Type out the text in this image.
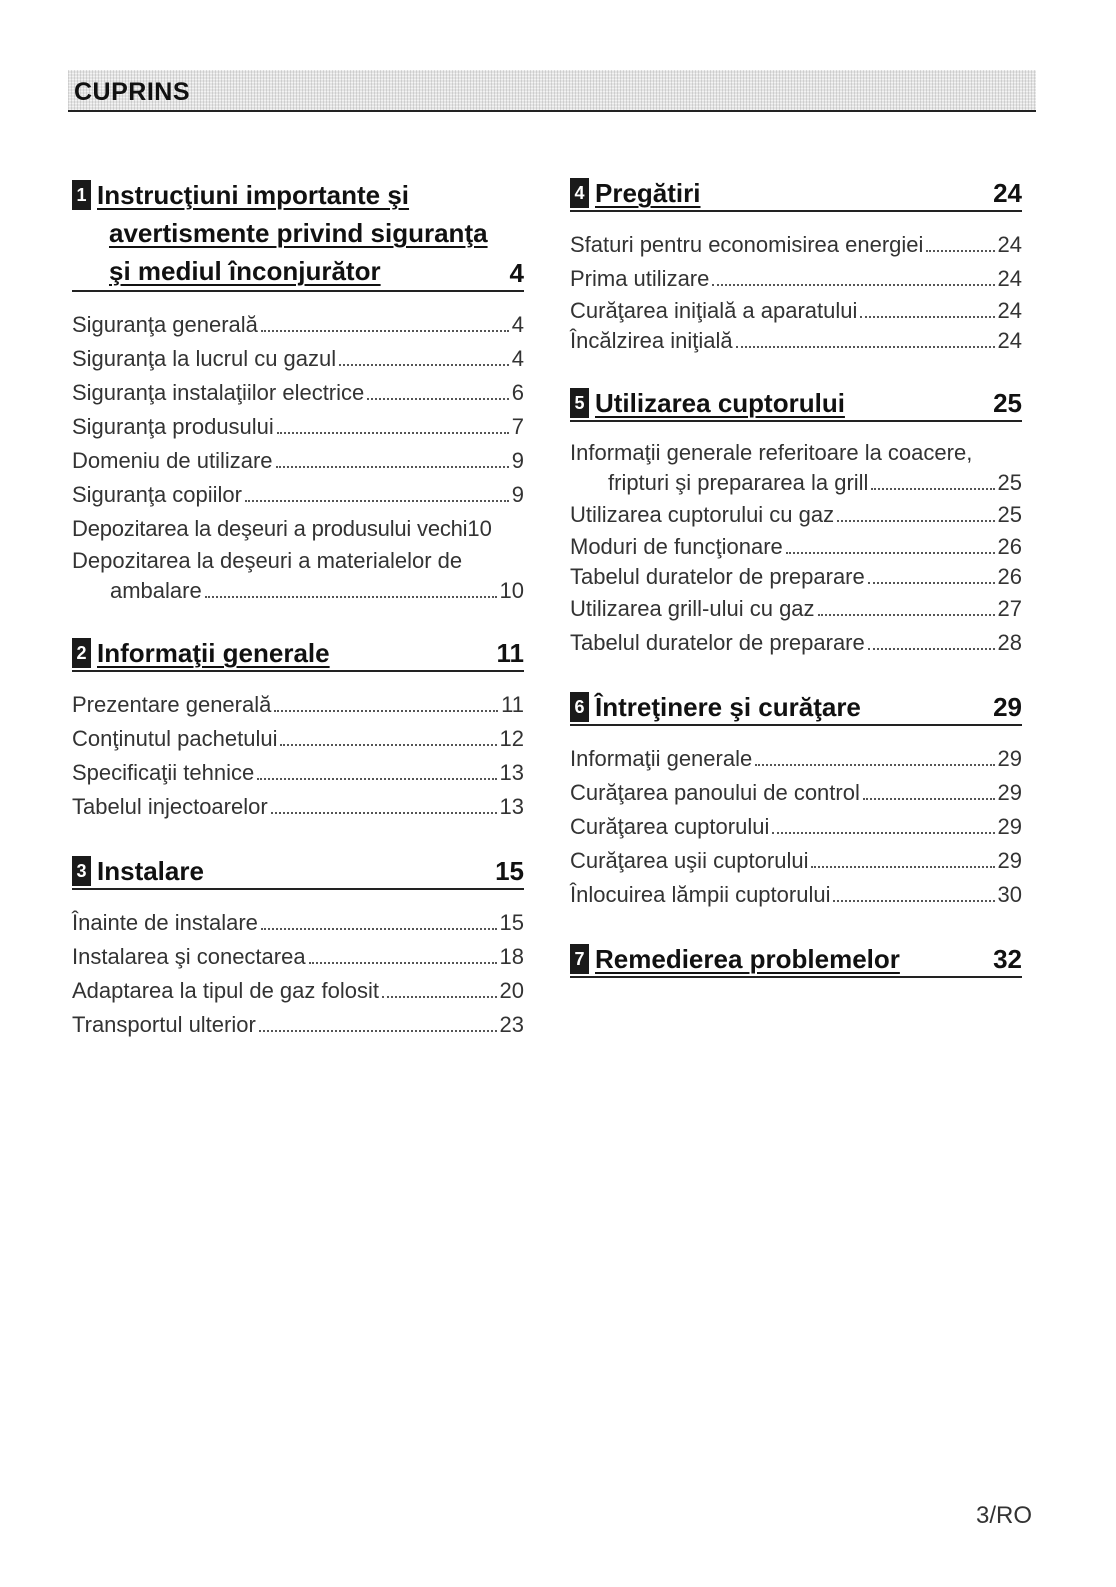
CUPRINS
1 Instrucţiuni importante şi
avertismente privind siguranţa
şi mediul înconjurător	4
Siguranţa generală	4
Siguranţa la lucrul cu gazul	4
Siguranţa instalaţiilor electrice	6
Siguranţa produsului	7
Domeniu de utilizare	9
Siguranţa copiilor	9
Depozitarea la deşeuri a produsului vechi 10
Depozitarea la deşeuri a materialelor de
ambalare	10
2 Informaţii generale	11
Prezentare generală	11
Conţinutul pachetului	12
Specificaţii tehnice	13
Tabelul injectoarelor	13
3 Instalare	15
Înainte de instalare	15
Instalarea şi conectarea	18
Adaptarea la tipul de gaz folosit	20
Transportul ulterior	23
4 Pregătiri	24
Sfaturi pentru economisirea energiei	24
Prima utilizare	24
Curăţarea iniţială a aparatului	24
Încălzirea iniţială	24
5 Utilizarea cuptorului	25
Informaţii generale referitoare la coacere,
fripturi şi prepararea la grill	25
Utilizarea cuptorului cu gaz	25
Moduri de funcţionare	26
Tabelul duratelor de preparare	26
Utilizarea grill-ului cu gaz	27
Tabelul duratelor de preparare	28
6 Întreţinere şi curăţare	29
Informaţii generale	29
Curăţarea panoului de control	29
Curăţarea cuptorului	29
Curăţarea uşii cuptorului	29
Înlocuirea lămpii cuptorului	30
7 Remedierea problemelor	32
3/RO
